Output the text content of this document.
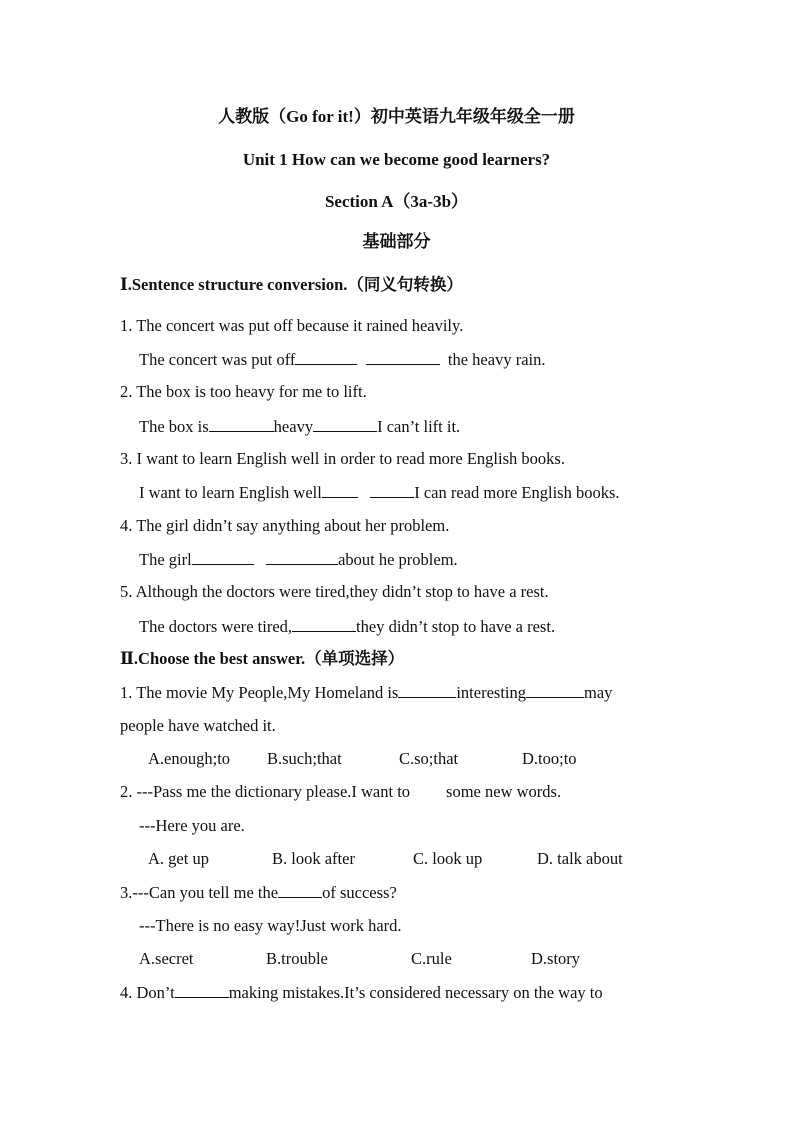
人教版（Go for it!）初中英语九年级年级全一册
Unit 1 How can we become good learners?
Section A（3a-3b）
基础部分
Ⅰ.Sentence structure conversion.（同义句转换）
1. The concert was put off because it rained heavily.
The concert was put off	the heavy rain.
2. The box is too heavy for me to lift.
The box is	heavy	I can’t lift it.
3. I want to learn English well in order to read more English books.
I want to learn English well	I can read more English books.
4. The girl didn’t say anything about her problem.
The girl	about he problem.
5. Although the doctors were tired,they didn’t stop to have a rest.
The doctors were tired,	they didn’t stop to have a rest.
Ⅱ.Choose the best answer.（单项选择）
1. The movie My People,My Homeland is	interesting	may
people have watched it.
A.enough;to B.such;that	C.so;that	D.too;to
2. ---Pass me the dictionary please.I want to some new words.
---Here you are.
A. get up	B. look after	C. look up	D. talk about
3.---Can you tell me the	of success?
---There is no easy way!Just work hard.
A.secret	B.trouble	C.rule	D.story
4. Don’t	making mistakes.It’s considered necessary on the way to
